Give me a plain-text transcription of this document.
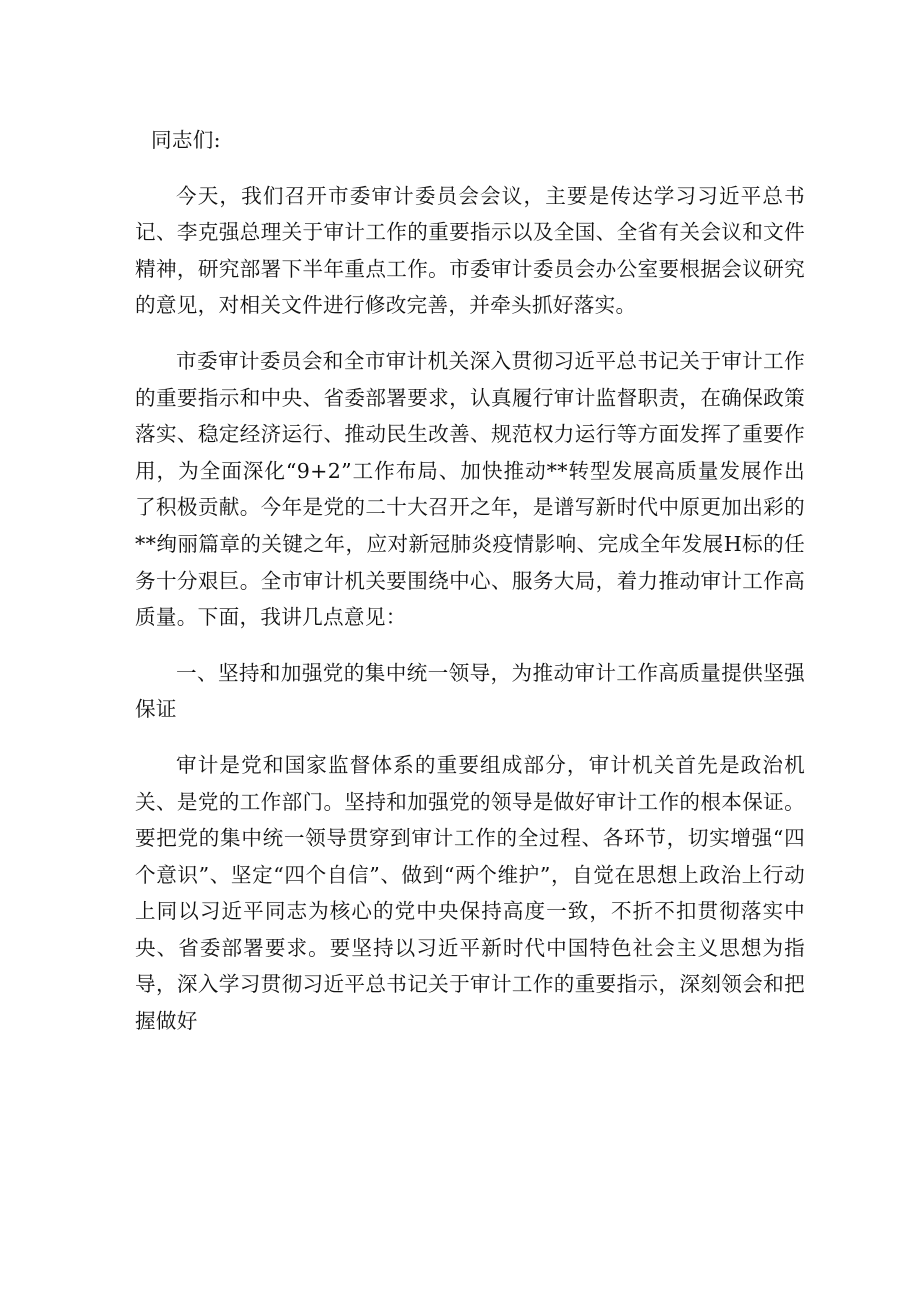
同志们:

今天，我们召开市委审计委员会会议，主要是传达学习习近平总书记、李克强总理关于审计工作的重要指示以及全国、全省有关会议和文件精神，研究部署下半年重点工作。市委审计委员会办公室要根据会议研究的意见，对相关文件进行修改完善，并牵头抓好落实。

市委审计委员会和全市审计机关深入贯彻习近平总书记关于审计工作的重要指示和中央、省委部署要求，认真履行审计监督职责，在确保政策落实、稳定经济运行、推动民生改善、规范权力运行等方面发挥了重要作用，为全面深化“9+2”工作布局、加快推动**转型发展高质量发展作出了积极贡献。今年是党的二十大召开之年，是谱写新时代中原更加出彩的**绚丽篇章的关键之年，应对新冠肺炎疫情影响、完成全年发展H标的任务十分艰巨。全市审计机关要围绕中心、服务大局，着力推动审计工作高质量。下面，我讲几点意见：

一、坚持和加强党的集中统一领导，为推动审计工作高质量提供坚强保证

审计是党和国家监督体系的重要组成部分，审计机关首先是政治机关、是党的工作部门。坚持和加强党的领导是做好审计工作的根本保证。要把党的集中统一领导贯穿到审计工作的全过程、各环节，切实增强“四个意识”、坚定“四个自信”、做到“两个维护”，自觉在思想上政治上行动上同以习近平同志为核心的党中央保持高度一致，不折不扣贯彻落实中央、省委部署要求。要坚持以习近平新时代中国特色社会主义思想为指导，深入学习贯彻习近平总书记关于审计工作的重要指示，深刻领会和把握做好
